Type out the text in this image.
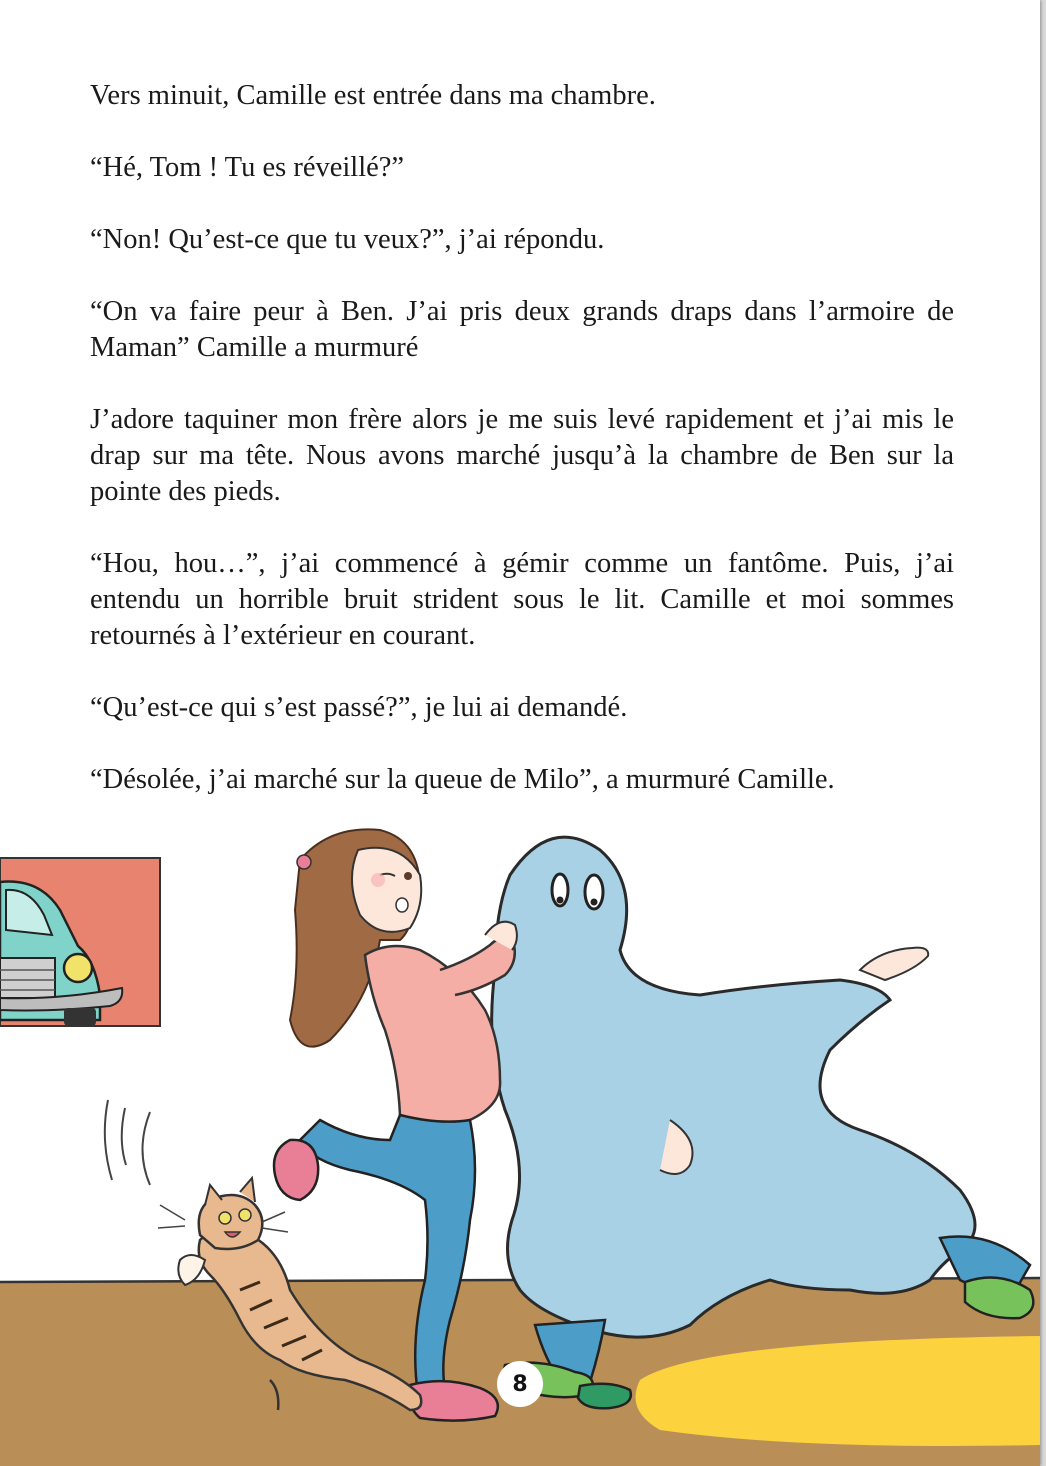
Vers minuit, Camille est entrée dans ma chambre.

“Hé, Tom ! Tu es réveillé?”

“Non! Qu’est-ce que tu veux?”, j’ai répondu.

“On va faire peur à Ben. J’ai pris deux grands draps dans l’armoire de Maman” Camille a murmuré

J’adore taquiner mon frère alors je me suis levé rapidement et j’ai mis le drap sur ma tête. Nous avons marché jusqu’à la chambre de Ben sur la pointe des pieds.

“Hou, hou…”, j’ai commencé à gémir comme un fantôme. Puis, j’ai entendu un horrible bruit strident sous le lit. Camille et moi sommes retournés à l’extérieur en courant.

“Qu’est-ce qui s’est passé?”, je lui ai demandé.

“Désolée, j’ai marché sur la queue de Milo”, a murmuré Camille.

8
